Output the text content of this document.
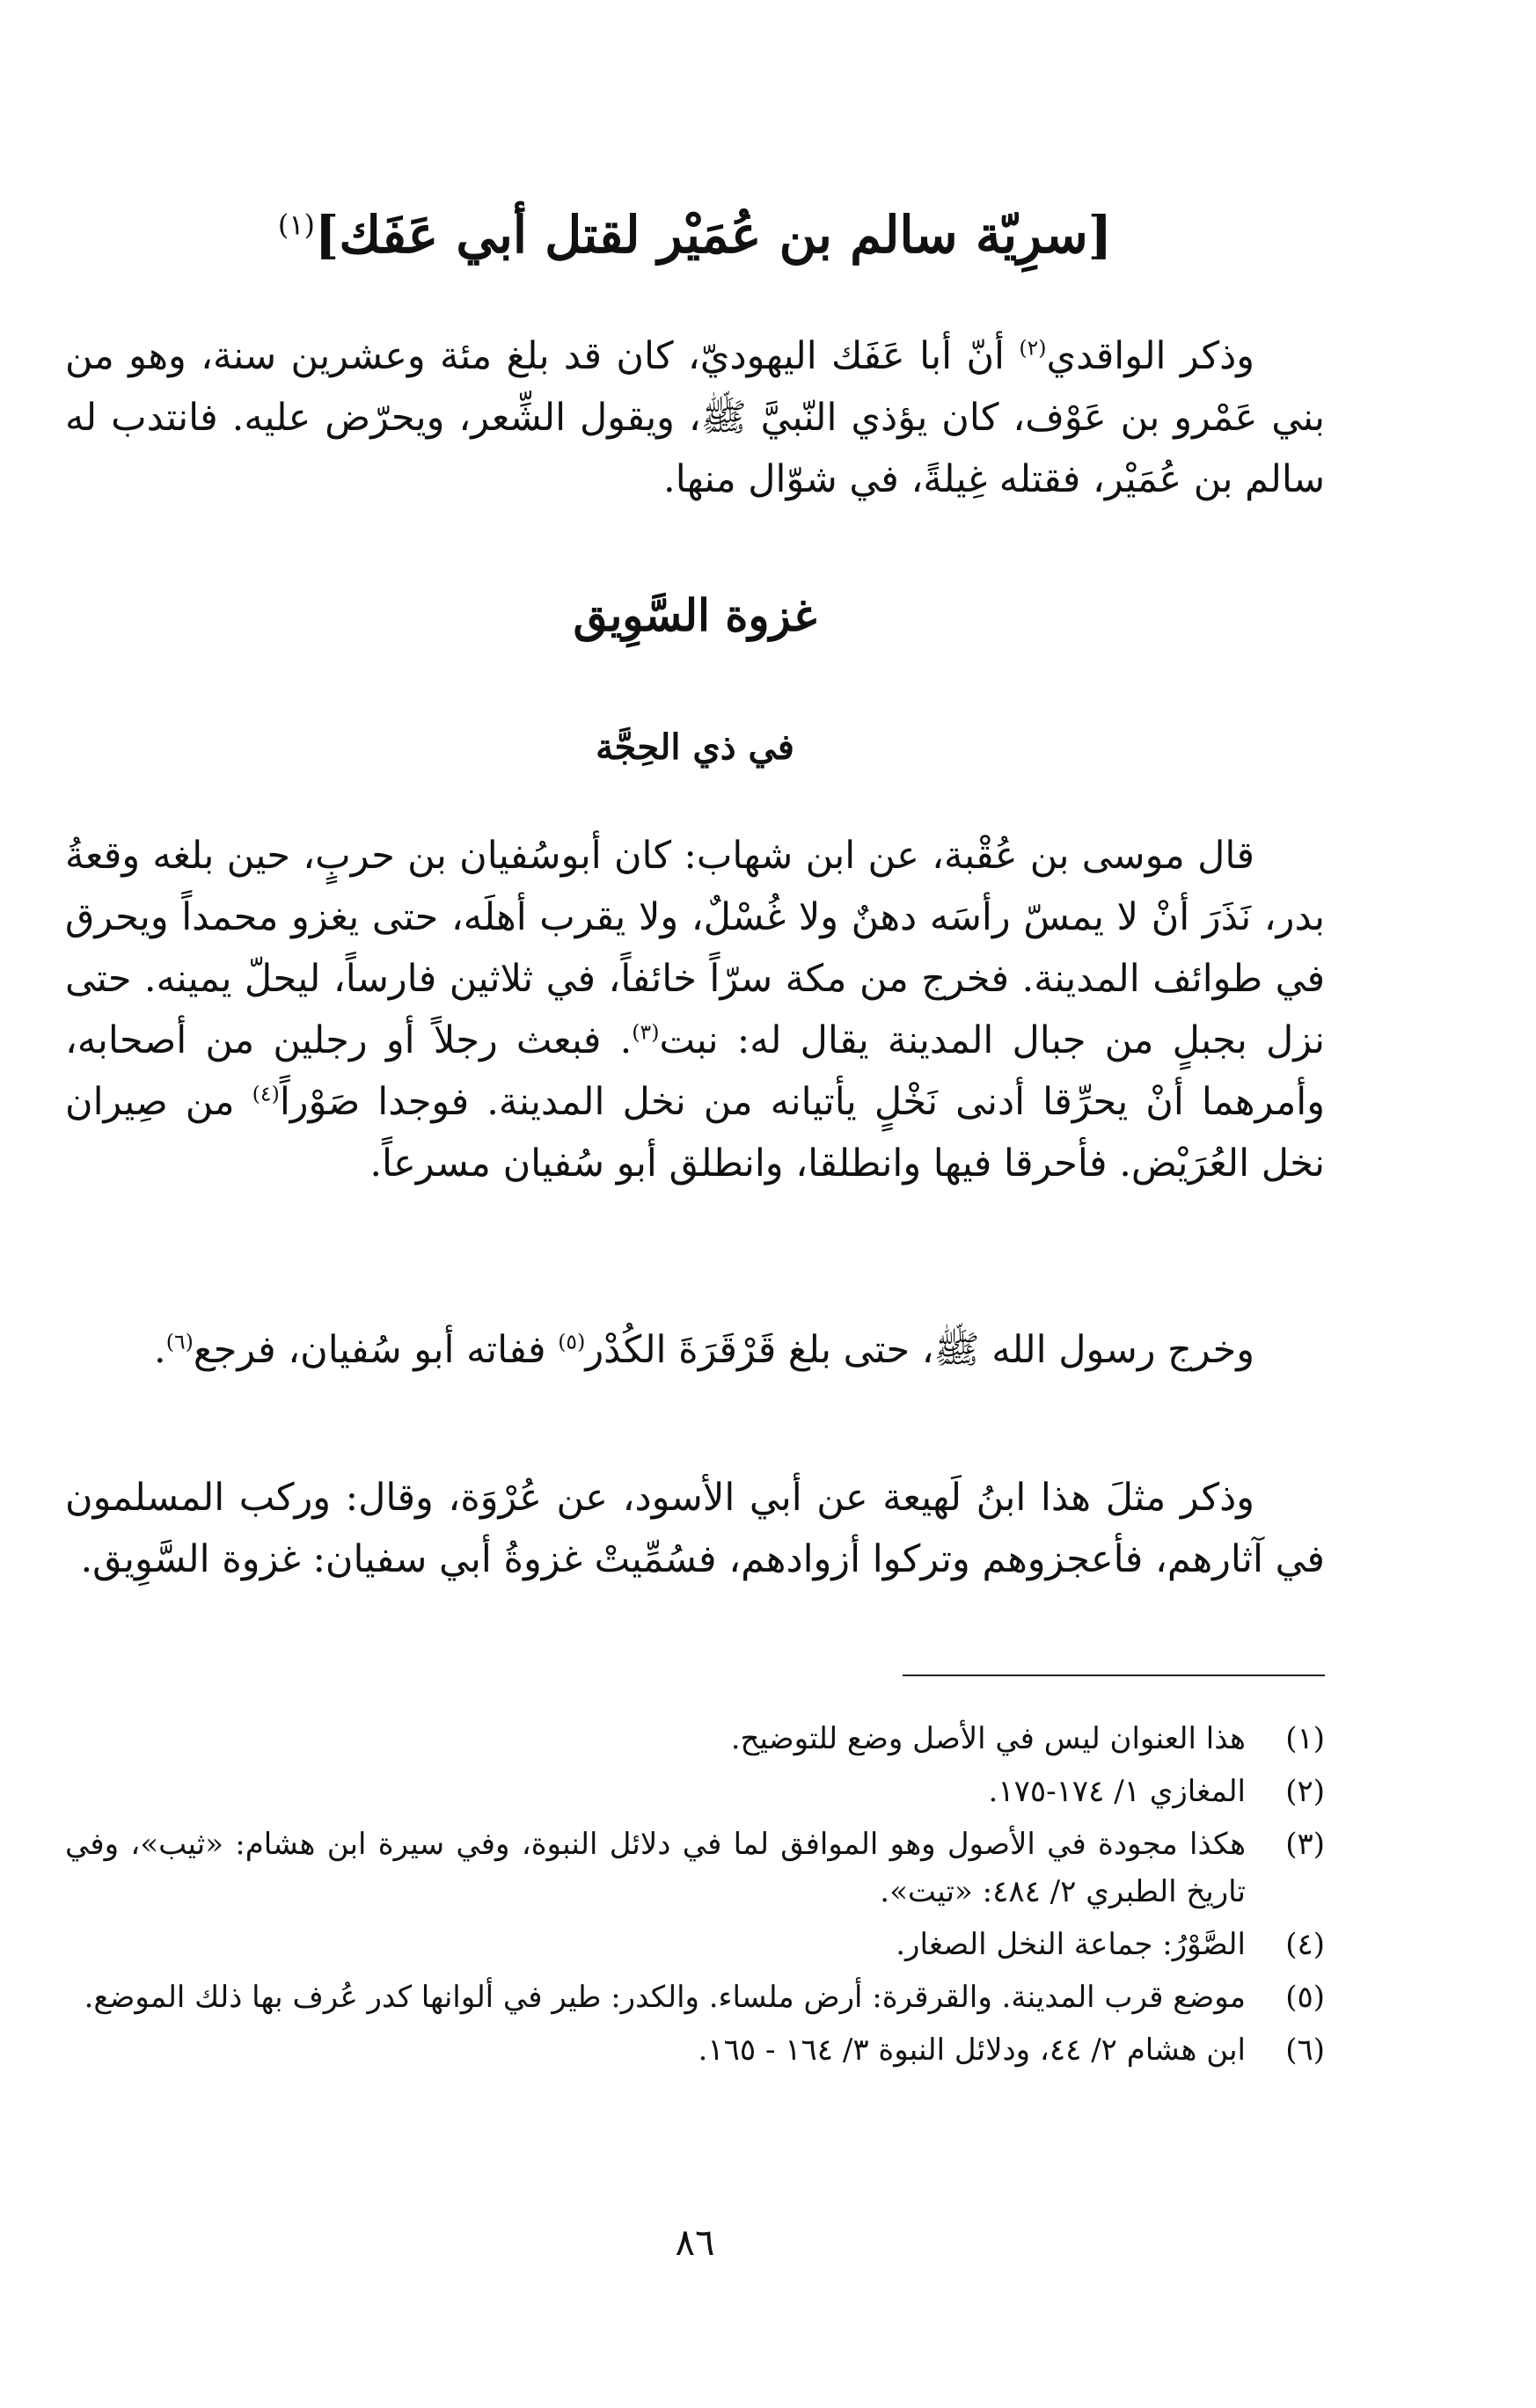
[سرِيّة سالم بن عُمَيْر لقتل أبي عَفَك]$^{(١)}$
وذكر الواقدي$^{(٢)}$ أنّ أبا عَفَك اليهوديّ، كان قد بلغ مئة وعشرين سنة، وهو من بني عَمْرو بن عَوْف، كان يؤذي النّبيَّ ﷺ، ويقول الشِّعر، ويحرّض عليه. فانتدب له سالم بن عُمَيْر، فقتله غِيلةً، في شوّال منها.
غزوة السَّوِيق
في ذي الحِجَّة
قال موسى بن عُقْبة، عن ابن شهاب: كان أبوسُفيان بن حربٍ، حين بلغه وقعةُ بدر، نَذَرَ أنْ لا يمسّ رأسَه دهنٌ ولا غُسْلٌ، ولا يقرب أهلَه، حتى يغزو محمداً ويحرق في طوائف المدينة. فخرج من مكة سرّاً خائفاً، في ثلاثين فارساً، ليحلّ يمينه. حتى نزل بجبلٍ من جبال المدينة يقال له: نبت$^{(٣)}$. فبعث رجلاً أو رجلين من أصحابه، وأمرهما أنْ يحرِّقا أدنى نَخْلٍ يأتيانه من نخل المدينة. فوجدا صَوْراً$^{(٤)}$ من صِيران نخل العُرَيْض. فأحرقا فيها وانطلقا، وانطلق أبو سُفيان مسرعاً.
وخرج رسول الله ﷺ، حتى بلغ قَرْقَرَةَ الكُدْر$^{(٥)}$ ففاته أبو سُفيان، فرجع$^{(٦)}$.
وذكر مثلَ هذا ابنُ لَهيعة عن أبي الأسود، عن عُرْوَة، وقال: وركب المسلمون في آثارهم، فأعجزوهم وتركوا أزوادهم، فسُمِّيتْ غزوةُ أبي سفيان: غزوة السَّوِيق.
(١)
هذا العنوان ليس في الأصل وضع للتوضيح.
(٢)
المغازي ١/ ١٧٤-١٧٥.
(٣)
هكذا مجودة في الأصول وهو الموافق لما في دلائل النبوة، وفي سيرة ابن هشام: «ثيب»، وفي تاريخ الطبري ٢/ ٤٨٤: «تيت».
(٤)
الصَّوْرُ: جماعة النخل الصغار.
(٥)
موضع قرب المدينة. والقرقرة: أرض ملساء. والكدر: طير في ألوانها كدر عُرف بها ذلك الموضع.
(٦)
ابن هشام ٢/ ٤٤، ودلائل النبوة ٣/ ١٦٤ - ١٦٥.
٨٦
